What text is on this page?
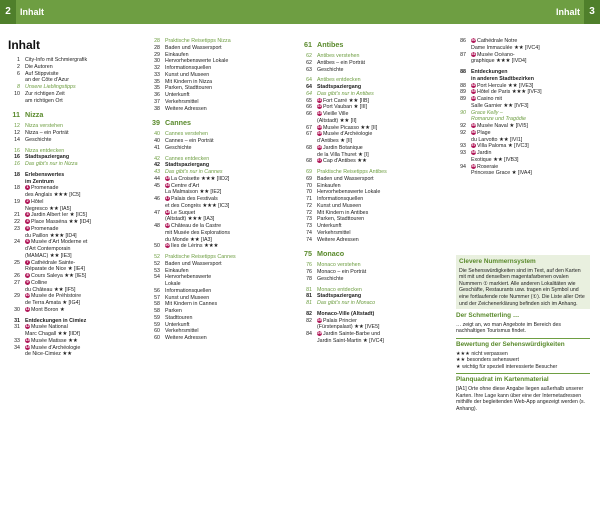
2	Inhalt	Inhalt 3
Inhalt
1 City-Info mit Schmiergrafik
2 Die Autoren
6 Auf Stippvisite
an der Côte d'Azur
8 Unsere Lieblingstipps
10 Zur richtigen Zeit
am richtigen Ort
11 Nizza
12 Nizza verstehen
12 Nizza – ein Porträt
14 Geschichte
16 Nizza entdecken
16 Stadtspaziergang
16 Das gibt's nur in Nizza
18 Erlebenswertes
im Zentrum
18	1 Promenade
des Anglais ★★★ [IC5]
19	2 Hôtel
Negresco ★★ [IA5]
21	3 Jardin Albert Ier ★ [IC5]
22	4 Place Masséna ★★ [ID4]
23	5 Promenade
du Paillon ★★★ [ID4]
24	6 Musée d'Art Moderne et
d'Art Contemporain
(MAMAC) ★★ [IE3]
25	7 Cathédrale Sainte-
Réparate de Nice ★ [IE4]
26	8 Cours Saleya ★★ [IE5]
27	9 Colline
du Château ★★ [IF5]
29	10Musée de Préhistoire
de Terra Amata ★ [IG4]
30	11 Mont Boron ★
31 Entdeckungen in Cimiez
31	12Musée National
Marc Chagall ★★ [IIDf]
33	13Musée Matisse ★★
34	14Musée d'Archéologie
de Nice-Cimiez ★★
28 Praktische Reisetipps Nizza
28 Baden und Wassersport
29 Einkaufen
30 Hervorhebenswerte Lokale
32 Informationsquellen
33 Kunst und Museen
35 Mit Kindern in Nizza
35 Parken, Stadttouren
36 Unterkunft
37 Verkehrsmittel
38 Weitere Adressen
39 Cannes
40 Cannes verstehen
40 Cannes – ein Porträt
41 Geschichte
42 Cannes entdecken
42 Stadtspaziergang
43 Das gibt's nur in Cannes
44	15La Croisette ★★★ [IID2]
45	16Centre d'Art
La Malmaison ★★ [IE2]
46	17Palais des Festivals
et des Congrès ★★★ [IC3]
47	18Le Suquet
(Altstadt) ★★★ [IA3]
48	19Château de la Castre
mit Musée des Explorations
du Monde ★★ [IA3]
50	20Îles de Lérins ★★★
52 Praktische Reisetipps Cannes
52 Baden und Wassersport
53 Einkaufen
54 Hervorhebenswerte
Lokale
56 Informationsquellen
57 Kunst und Museen
58 Mit Kindern in Cannes
58 Parken
59 Stadttouren
59 Unterkunft
60 Verkehrsmittel
60 Weitere Adressen
61 Antibes
62 Antibes verstehen
62 Antibes – ein Porträt
63 Geschichte
64 Antibes entdecken
64 Stadtspaziergang
64 Das gibt's nur in Antibes
65	21Fort Carré ★★ [IIB]
66	22Port Vauban ★ [III]
66	23Vieille Ville
(Altstadt) ★★ [II]
67	24Musée Picasso ★★ [II]
67	25Musée d'Archéologie
d'Antibes ★ [II]
68	26Jardin Botanique
de la Villa Thuret ★ [I]
68	27Cap d'Antibes ★★
69 Praktische Reisetipps Antibes
69 Baden und Wassersport
70 Einkaufen
70 Hervorhebenswerte Lokale
71 Informationsquellen
72 Kunst und Museen
72 Mit Kindern in Antibes
73 Parken, Stadttouren
73 Unterkunft
74 Verkehrsmittel
74 Weitere Adressen
75 Monaco
76 Monaco verstehen
76 Monaco – ein Porträt
78 Geschichte
81 Monaco entdecken
81 Stadtspaziergang
81 Das gibt's nur in Monaco
82 Monaco-Ville (Altstadt)
82	28Palais Princier
(Fürstenpalast) ★★ [IVE5]
84	29Jardin Sainte-Barbe und
Jardin Saint-Martin ★ [IVC4]
86	30Cathédrale Notre
Dame Immaculée ★★ [IVC4]
87	31Musée Océano-
graphique ★★★ [IVD4]
88 Entdeckungen
in anderen Stadtbezirken
88	32Port Hercule ★★ [IVE3]
89	33Hôtel de Paris ★★★ [IVF3]
89	34Casino mit
Salle Garnier ★★ [IVF3]
90 Grace Kelly –
Romanze und Tragödie
92	35Musée Naval ★ [IVI5]
92	36Plage
du Larvotto ★★ [IVI1]
93	37Villa Paloma ★ [IVC3]
93	38Jardin
Exotique ★★ [IVB3]
94	39Roseraie
Princesse Grace ★ [IVA4]
Clevere Nummernsystem
Die Sehenswürdigkeiten sind im Text, auf den Karten mit mit und denselben magentafarbenen ovalen Nummern ① markiert. Alle anderen Lokalitäten wie Geschäfte, Restaurants usw. tragen ein Symbol und eine fortlaufende rote Nummer (①). Die Liste aller Orte und der Zeichenerklärung befinden sich im Anhang.
Der Schmetterling …
… zeigt an, wo man Angebote im Bereich des nachhaltigen Tourismus findet.
Bewertung der Sehenswürdigkeiten
★★★ nicht verpassen
★★ besonders sehenswert
★ wichtig für speziell interessierte Besucher
Planquadrat im Kartenmaterial
[IA1] Orte ohne diese Angabe liegen außerhalb unserer Karten. Ihre Lage kann über eine der Internetadressen mithilfe der begleitenden Web-App angezeigt werden (s. Anhang).
